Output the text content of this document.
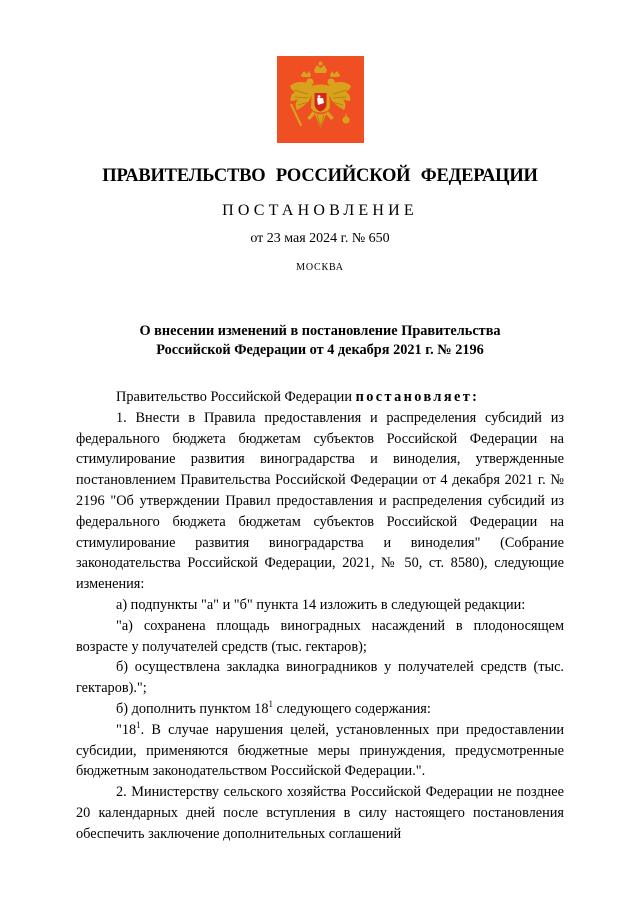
ПРАВИТЕЛЬСТВО РОССИЙСКОЙ ФЕДЕРАЦИИ
ПОСТАНОВЛЕНИЕ
от 23 мая 2024 г. № 650
МОСКВА
О внесении изменений в постановление Правительства
Российской Федерации от 4 декабря 2021 г. № 2196

Правительство Российской Федерации постановляет:

1. Внести в Правила предоставления и распределения субсидий из федерального бюджета бюджетам субъектов Российской Федерации на стимулирование развития виноградарства и виноделия, утвержденные постановлением Правительства Российской Федерации от 4 декабря 2021 г. № 2196 "Об утверждении Правил предоставления и распределения субсидий из федерального бюджета бюджетам субъектов Российской Федерации на стимулирование развития виноградарства и виноделия" (Собрание законодательства Российской Федерации, 2021, № 50, ст. 8580), следующие изменения:

а) подпункты "а" и "б" пункта 14 изложить в следующей редакции:

"а) сохранена площадь виноградных насаждений в плодоносящем возрасте у получателей средств (тыс. гектаров);

б) осуществлена закладка виноградников у получателей средств (тыс. гектаров).";

б) дополнить пунктом $18^1$ следующего содержания:

"$18^1$. В случае нарушения целей, установленных при предоставлении субсидии, применяются бюджетные меры принуждения, предусмотренные бюджетным законодательством Российской Федерации.".

2. Министерству сельского хозяйства Российской Федерации не позднее 20 календарных дней после вступления в силу настоящего постановления обеспечить заключение дополнительных соглашений
